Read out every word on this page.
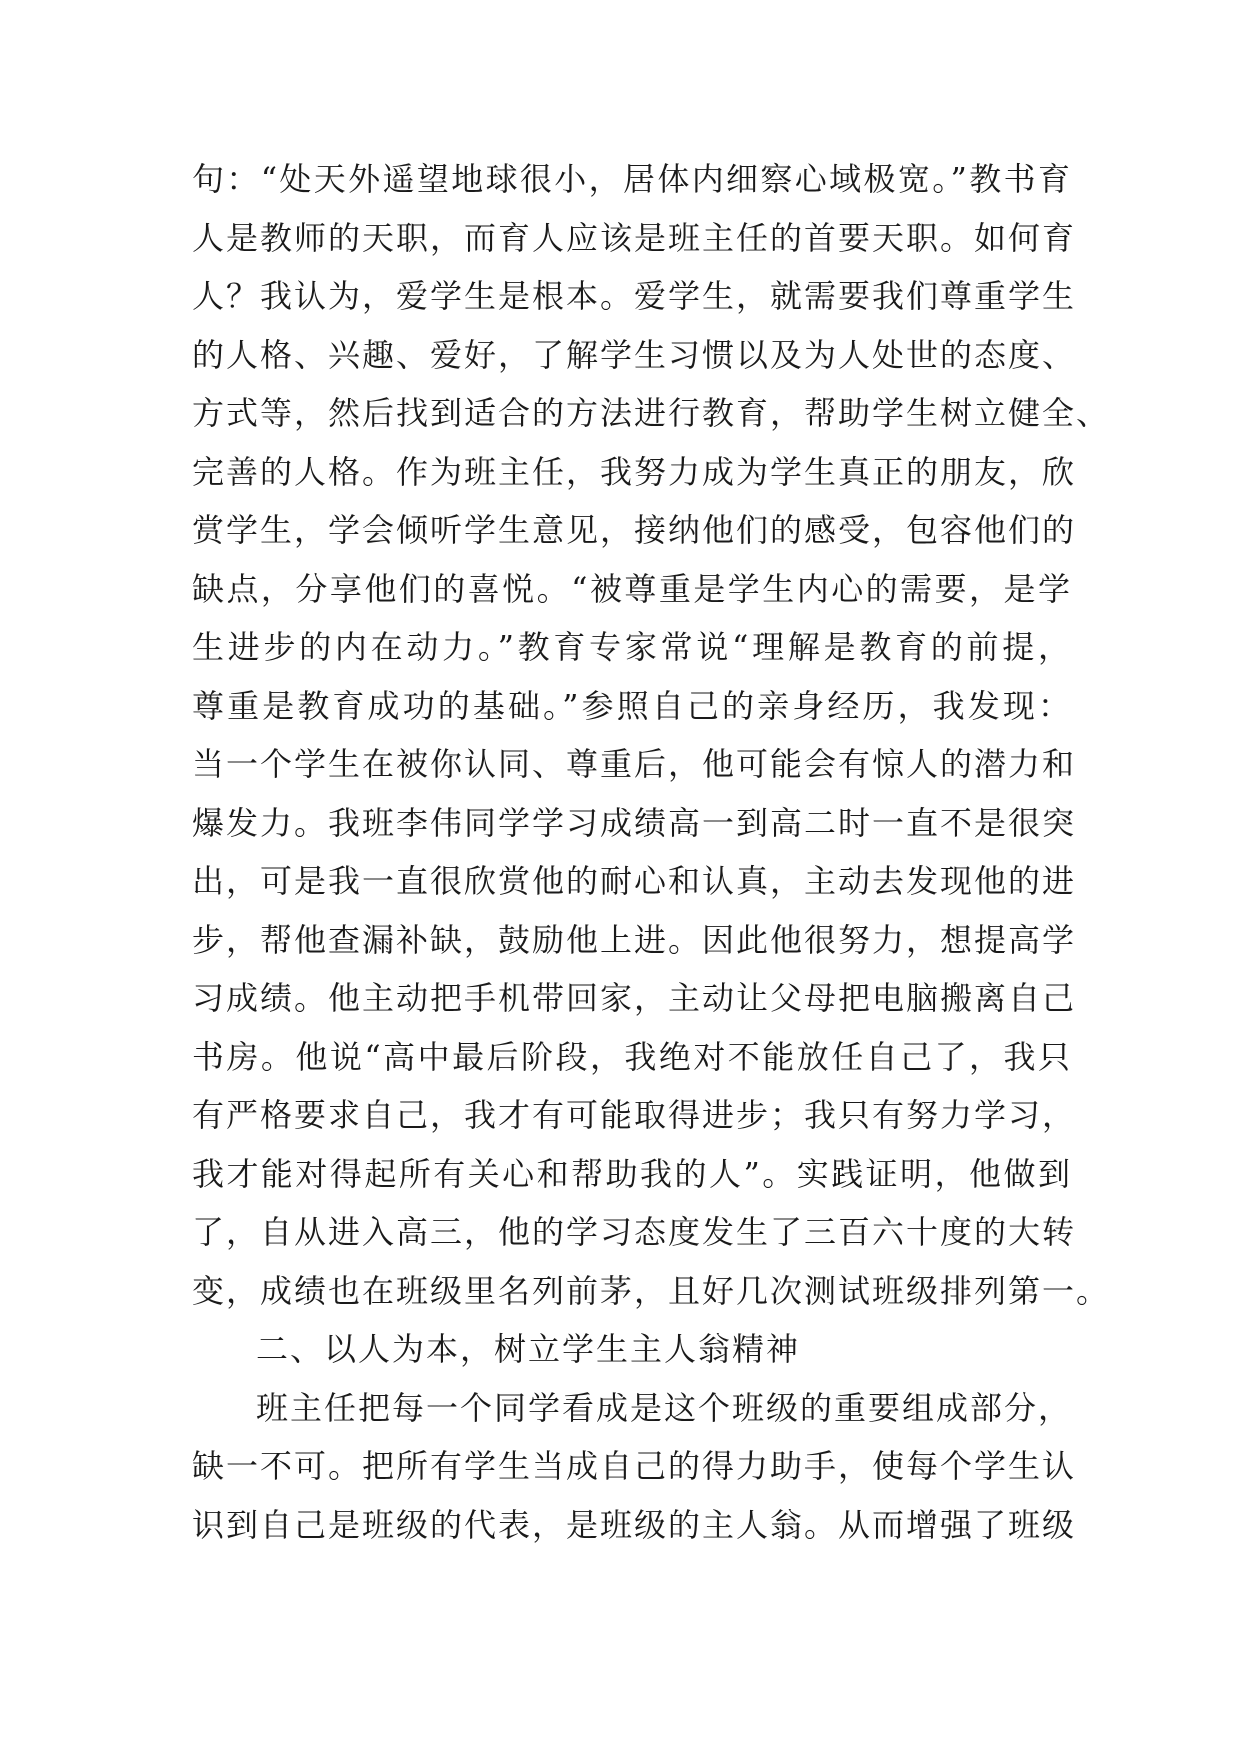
句：“处天外遥望地球很小，居体内细察心域极宽。”教书育
人是教师的天职，而育人应该是班主任的首要天职。如何育
人？我认为，爱学生是根本。爱学生，就需要我们尊重学生
的人格、兴趣、爱好，了解学生习惯以及为人处世的态度、
方式等，然后找到适合的方法进行教育，帮助学生树立健全、
完善的人格。作为班主任，我努力成为学生真正的朋友，欣
赏学生，学会倾听学生意见，接纳他们的感受，包容他们的
缺点，分享他们的喜悦。“被尊重是学生内心的需要，是学
生进步的内在动力。”教育专家常说“理解是教育的前提，
尊重是教育成功的基础。”参照自己的亲身经历，我发现：
当一个学生在被你认同、尊重后，他可能会有惊人的潜力和
爆发力。我班李伟同学学习成绩高一到高二时一直不是很突
出，可是我一直很欣赏他的耐心和认真，主动去发现他的进
步，帮他查漏补缺，鼓励他上进。因此他很努力，想提高学
习成绩。他主动把手机带回家，主动让父母把电脑搬离自己
书房。他说“高中最后阶段，我绝对不能放任自己了，我只
有严格要求自己，我才有可能取得进步；我只有努力学习，
我才能对得起所有关心和帮助我的人”。实践证明，他做到
了，自从进入高三，他的学习态度发生了三百六十度的大转
变，成绩也在班级里名列前茅，且好几次测试班级排列第一。
二、以人为本，树立学生主人翁精神
班主任把每一个同学看成是这个班级的重要组成部分，
缺一不可。把所有学生当成自己的得力助手，使每个学生认
识到自己是班级的代表，是班级的主人翁。从而增强了班级
